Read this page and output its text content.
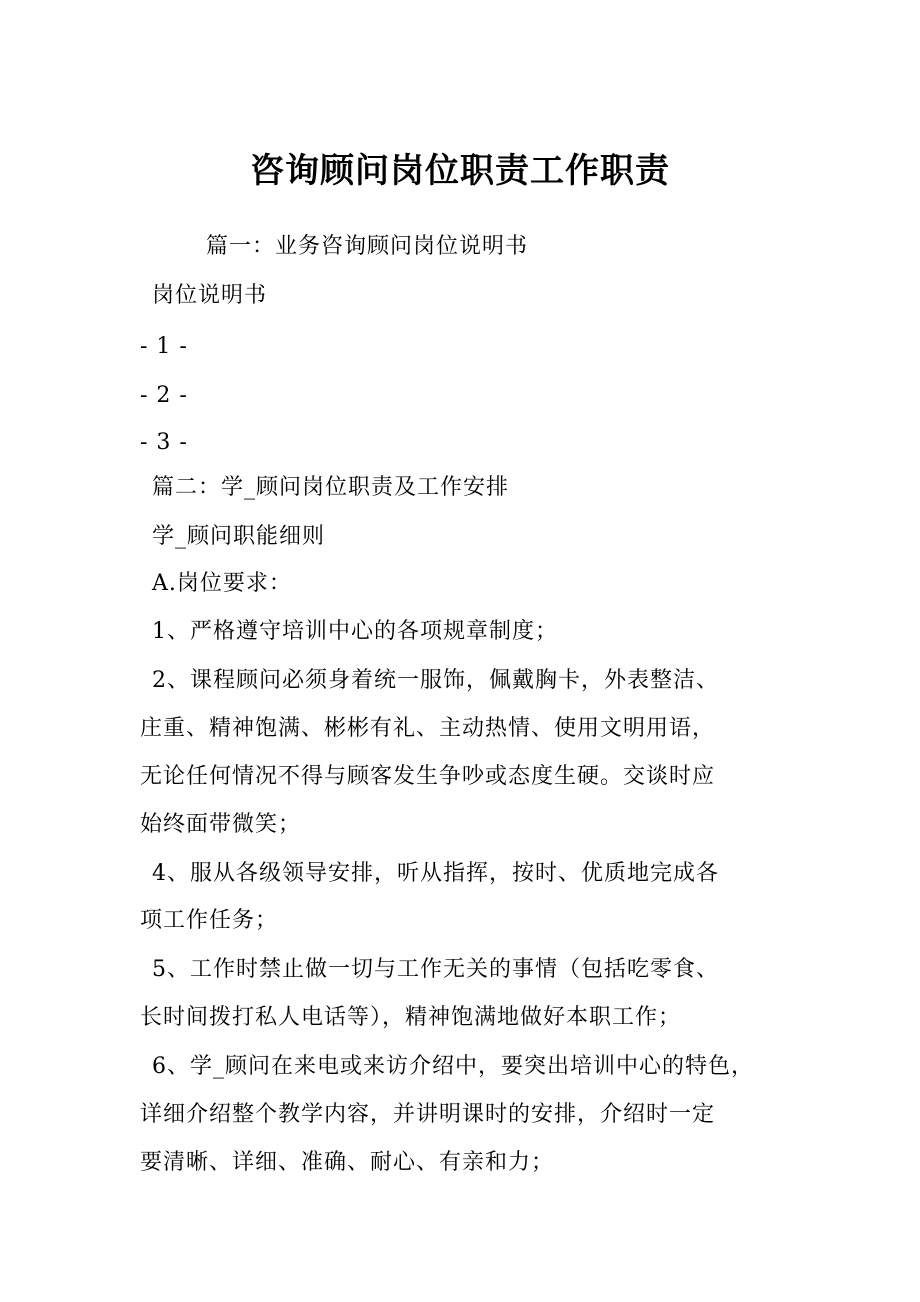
咨询顾问岗位职责工作职责
篇一：业务咨询顾问岗位说明书
岗位说明书
- 1 -
- 2 -
- 3 -
篇二：学_顾问岗位职责及工作安排
学_顾问职能细则
A.岗位要求：
1、严格遵守培训中心的各项规章制度；
2、课程顾问必须身着统一服饰，佩戴胸卡，外表整洁、
庄重、精神饱满、彬彬有礼、主动热情、使用文明用语，
无论任何情况不得与顾客发生争吵或态度生硬。交谈时应
始终面带微笑；
4、服从各级领导安排，听从指挥，按时、优质地完成各
项工作任务；
5、工作时禁止做一切与工作无关的事情（包括吃零食、
长时间拨打私人电话等），精神饱满地做好本职工作；
6、学_顾问在来电或来访介绍中，要突出培训中心的特色，
详细介绍整个教学内容，并讲明课时的安排，介绍时一定
要清晰、详细、准确、耐心、有亲和力；
